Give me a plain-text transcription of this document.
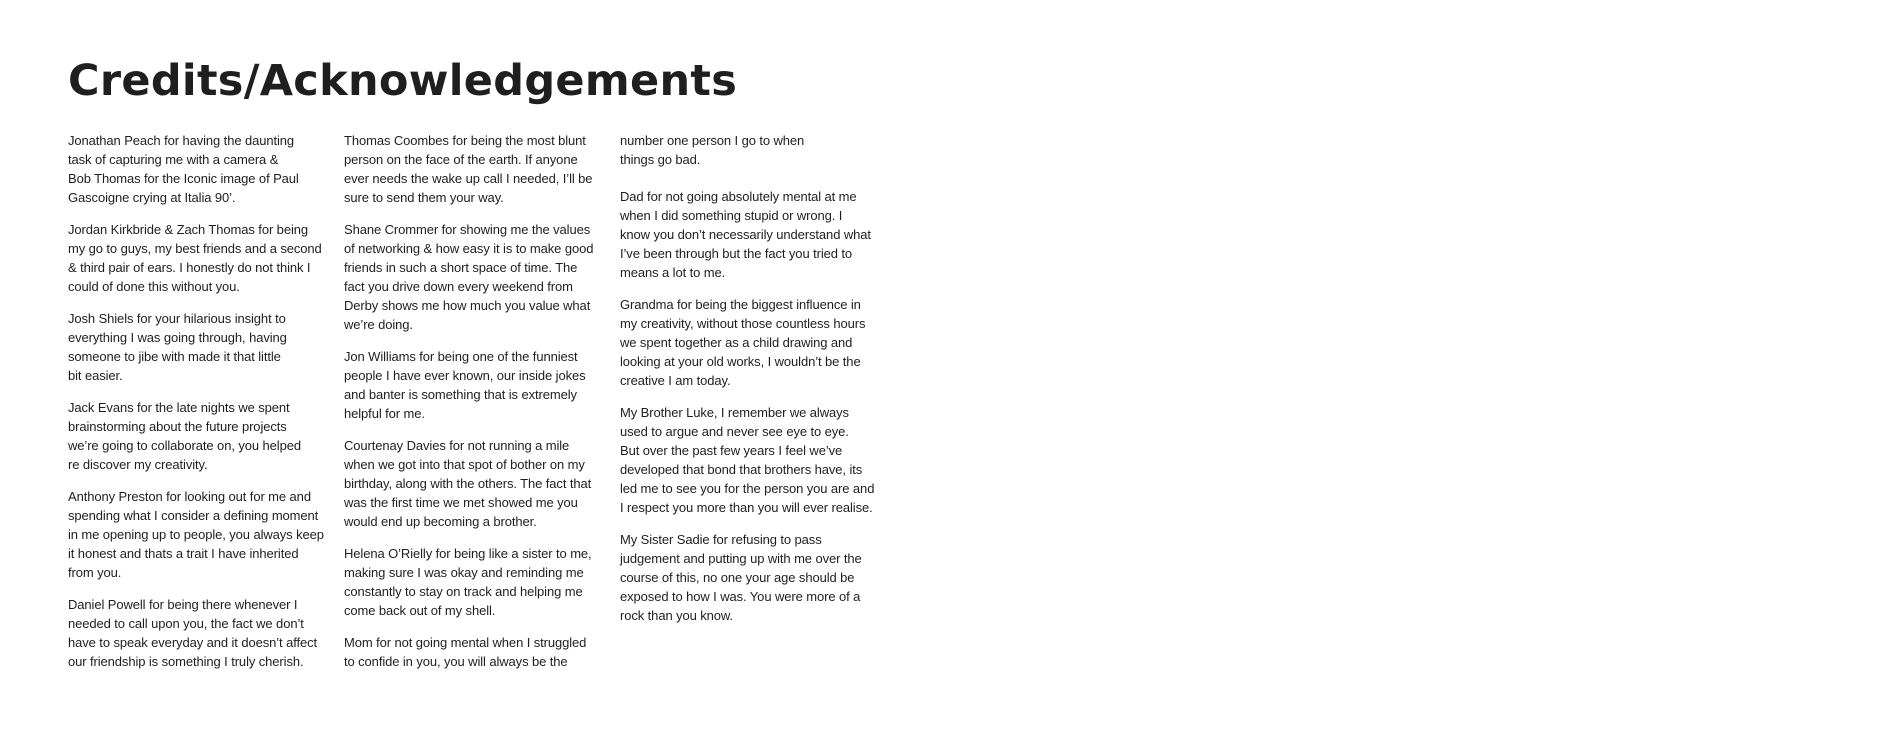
Credits/Acknowledgements

Jonathan Peach for having the daunting
task of capturing me with a camera &
Bob Thomas for the Iconic image of Paul
Gascoigne crying at Italia 90’.

Jordan Kirkbride & Zach Thomas for being
my go to guys, my best friends and a second
& third pair of ears. I honestly do not think I
could of done this without you.

Josh Shiels for your hilarious insight to
everything I was going through, having
someone to jibe with made it that little
bit easier.

Jack Evans for the late nights we spent
brainstorming about the future projects
we’re going to collaborate on, you helped
re discover my creativity.

Anthony Preston for looking out for me and
spending what I consider a defining moment
in me opening up to people, you always keep
it honest and thats a trait I have inherited
from you.

Daniel Powell for being there whenever I
needed to call upon you, the fact we don’t
have to speak everyday and it doesn’t affect
our friendship is something I truly cherish.

Thomas Coombes for being the most blunt
person on the face of the earth. If anyone
ever needs the wake up call I needed, I’ll be
sure to send them your way.

Shane Crommer for showing me the values
of networking & how easy it is to make good
friends in such a short space of time. The
fact you drive down every weekend from
Derby shows me how much you value what
we’re doing.

Jon Williams for being one of the funniest
people I have ever known, our inside jokes
and banter is something that is extremely
helpful for me.

Courtenay Davies for not running a mile
when we got into that spot of bother on my
birthday, along with the others. The fact that
was the first time we met showed me you
would end up becoming a brother.

Helena O’Rielly for being like a sister to me,
making sure I was okay and reminding me
constantly to stay on track and helping me
come back out of my shell.

Mom for not going mental when I struggled
to confide in you, you will always be the

number one person I go to when
things go bad.

Dad for not going absolutely mental at me
when I did something stupid or wrong. I
know you don’t necessarily understand what
I’ve been through but the fact you tried to
means a lot to me.

Grandma for being the biggest influence in
my creativity, without those countless hours
we spent together as a child drawing and
looking at your old works, I wouldn’t be the
creative I am today.

My Brother Luke, I remember we always
used to argue and never see eye to eye.
But over the past few years I feel we’ve
developed that bond that brothers have, its
led me to see you for the person you are and
I respect you more than you will ever realise.

My Sister Sadie for refusing to pass
judgement and putting up with me over the
course of this, no one your age should be
exposed to how I was. You were more of a
rock than you know.
